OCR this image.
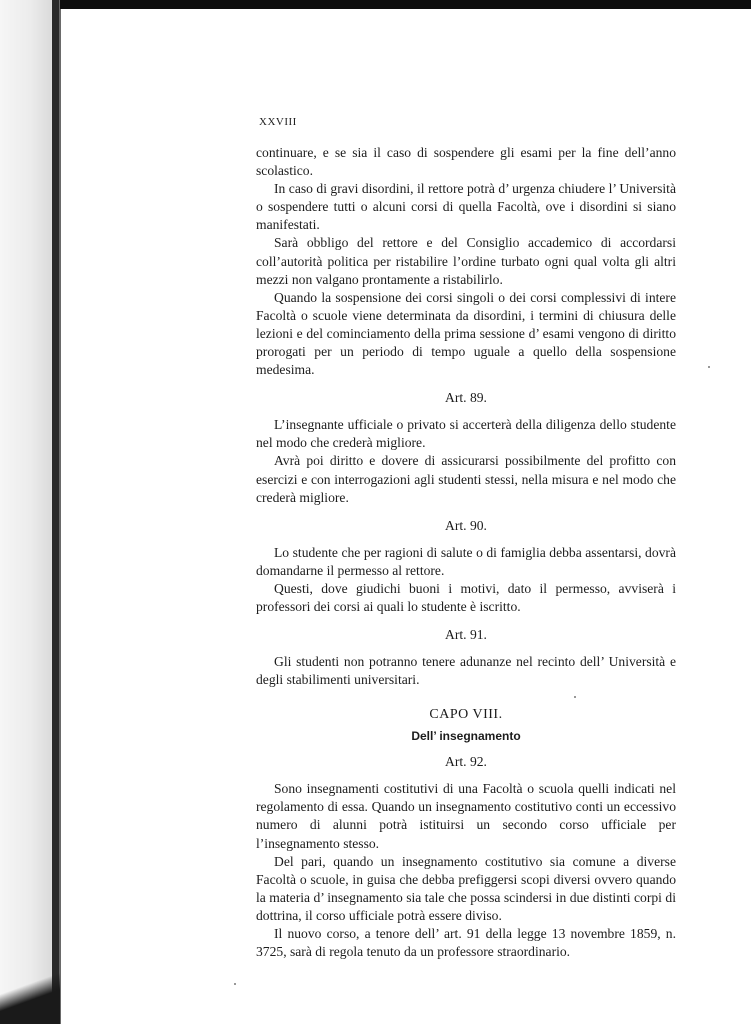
XXVIII

continuare, e se sia il caso di sospendere gli esami per la fine dell’anno scolastico.

In caso di gravi disordini, il rettore potrà d’ urgenza chiudere l’ Università o sospendere tutti o alcuni corsi di quella Facoltà, ove i disordini si siano manifestati.

Sarà obbligo del rettore e del Consiglio accademico di accordarsi coll’autorità politica per ristabilire l’ordine turbato ogni qual volta gli altri mezzi non valgano prontamente a ristabilirlo.

Quando la sospensione dei corsi singoli o dei corsi complessivi di intere Facoltà o scuole viene determinata da disordini, i termini di chiusura delle lezioni e del cominciamento della prima sessione d’ esami vengono di diritto prorogati per un periodo di tempo uguale a quello della sospensione medesima.

Art. 89.

L’insegnante ufficiale o privato si accerterà della diligenza dello studente nel modo che crederà migliore.

Avrà poi diritto e dovere di assicurarsi possibilmente del profitto con esercizi e con interrogazioni agli studenti stessi, nella misura e nel modo che crederà migliore.

Art. 90.

Lo studente che per ragioni di salute o di famiglia debba assentarsi, dovrà domandarne il permesso al rettore.

Questi, dove giudichi buoni i motivi, dato il permesso, avviserà i professori dei corsi ai quali lo studente è iscritto.

Art. 91.

Gli studenti non potranno tenere adunanze nel recinto dell’ Università e degli stabilimenti universitari.

CAPO VIII.
Dell’ insegnamento
Art. 92.

Sono insegnamenti costitutivi di una Facoltà o scuola quelli indicati nel regolamento di essa. Quando un insegnamento costitutivo conti un eccessivo numero di alunni potrà istituirsi un secondo corso ufficiale per l’insegnamento stesso.

Del pari, quando un insegnamento costitutivo sia comune a diverse Facoltà o scuole, in guisa che debba prefiggersi scopi diversi ovvero quando la materia d’ insegnamento sia tale che possa scindersi in due distinti corpi di dottrina, il corso ufficiale potrà essere diviso.

Il nuovo corso, a tenore dell’ art. 91 della legge 13 novembre 1859, n. 3725, sarà di regola tenuto da un professore straordinario.
